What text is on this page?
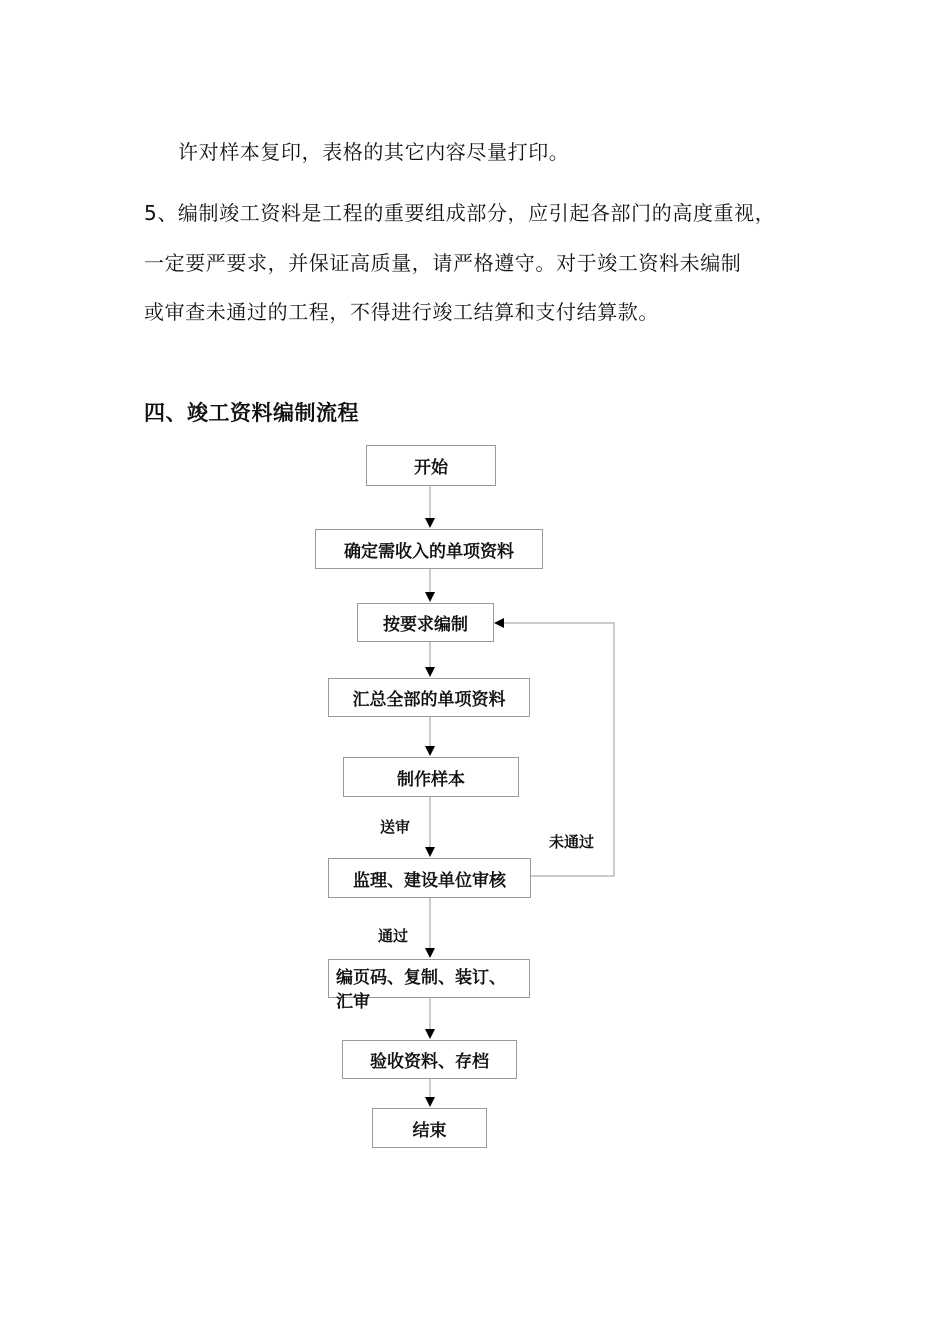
许对样本复印，表格的其它内容尽量打印。
5、编制竣工资料是工程的重要组成部分，应引起各部门的高度重视，
一定要严要求，并保证高质量，请严格遵守。对于竣工资料未编制
或审查未通过的工程，不得进行竣工结算和支付结算款。
四、竣工资料编制流程
开始
确定需收入的单项资料
按要求编制
汇总全部的单项资料
制作样本
监理、建设单位审核
编页码、复制、装订、汇审
验收资料、存档
结束
送审
未通过
通过
